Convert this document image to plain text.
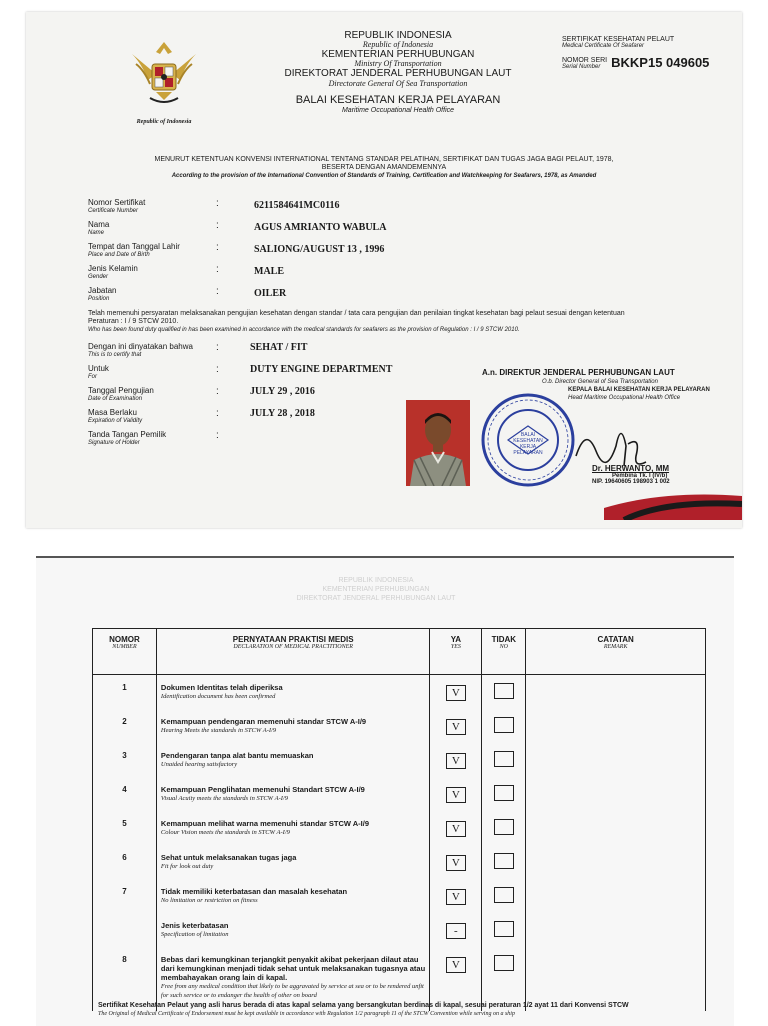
Republic of Indonesia
REPUBLIK INDONESIA
Republic of Indonesia
KEMENTERIAN PERHUBUNGAN
Ministry Of Transportation
DIREKTORAT JENDERAL PERHUBUNGAN LAUT
Directorate General Of Sea Transportation
BALAI KESEHATAN KERJA PELAYARAN
Maritime Occupational Health Office
SERTIFIKAT KESEHATAN PELAUT
Medical Certificate Of Seafarer
NOMOR SERI
Serial Number BKKP15 049605
MENURUT KETENTUAN KONVENSI INTERNATIONAL TENTANG STANDAR PELATIHAN, SERTIFIKAT DAN TUGAS JAGA BAGI PELAUT, 1978,
BESERTA DENGAN AMANDEMENNYA
According to the provision of the International Convention of Standards of Training, Certification and Watchkeeping for Seafarers, 1978, as Amanded
Nomor Sertifikat
Certificate Number
:	6211584641MC0116
Nama
Name
:	AGUS AMRIANTO WABULA
Tempat dan Tanggal Lahir
Place and Date of Birth
:	SALIONG/AUGUST 13 , 1996
Jenis Kelamin
Gender
:	MALE
Jabatan
Position
:	OILER
Telah memenuhi persyaratan melaksanakan pengujian kesehatan dengan standar / tata cara pengujian dan penilaian tingkat kesehatan bagi pelaut sesuai dengan ketentuan
Peraturan : I / 9 STCW 2010.
Who has been found duty qualified in has been examined in accordance with the medical standards for seafarers as the provision of Regulation : I / 9 STCW 2010.
Dengan ini dinyatakan bahwa
This is to certify that
:	SEHAT / FIT
Untuk
For
:	DUTY ENGINE DEPARTMENT
Tanggal Pengujian
Date of Examination
:	JULY 29 , 2016
Masa Berlaku
Expiration of Validity
:	JULY 28 , 2018
Tanda Tangan Pemilik
Signature of Holder
:
A.n. DIREKTUR JENDERAL PERHUBUNGAN LAUT
O.b. Director General of Sea Transportation
KEPALA BALAI KESEHATAN KERJA PELAYARAN
Head Maritime Occupational Health Office
BALAI KESEHATAN KERJA PELAYARAN
Dr. HERWANTO, MM
Pembina Tk. I (IV/b)
NIP. 19640605 198903 1 002
REPUBLIK INDONESIA
KEMENTERIAN PERHUBUNGAN
DIREKTORAT JENDERAL PERHUBUNGAN LAUT
NOMOR
NUMBER	PERNYATAAN PRAKTISI MEDIS
DECLARATION OF MEDICAL PRACTITIONER	YA
YES	TIDAK
NO	CATATAN
REMARK

1	Dokumen Identitas telah diperiksa
Identification document has been confirmed	V		
2	Kemampuan pendengaran memenuhi standar STCW A-I/9
Hearing Meets the standards in STCW A-I/9	V		
3	Pendengaran tanpa alat bantu memuaskan
Unaided hearing satisfactory	V		
4	Kemampuan Penglihatan memenuhi Standart STCW A-I/9
Visual Acuity meets the standards in STCW A-I/9	V		
5	Kemampuan melihat warna memenuhi standar STCW A-I/9
Colour Vision meets the standards in STCW A-I/9	V		
6	Sehat untuk melaksanakan tugas jaga
Fit for look out duty	V		
7	Tidak memiliki keterbatasan dan masalah kesehatan
No limitation or restriction on fitness	V		
	Jenis keterbatasan
Specification of limitation	-		
8	Bebas dari kemungkinan terjangkit penyakit akibat pekerjaan dilaut atau dari kemungkinan menjadi tidak sehat untuk melaksanakan tugasnya atau membahayakan orang lain di kapal.
Free from any medical condition that likely to be aggravated by service at sea or to be rendered unfit for such service or to endanger the health of other on board	V		
Sertifikat Kesehatan Pelaut yang asli harus berada di atas kapal selama yang bersangkutan berdinas di kapal, sesuai peraturan 1/2 ayat 11 dari Konvensi STCW
The Original of Medical Certificate of Endorsement must be kept available in accordance with Regulation 1/2 paragraph 11 of the STCW Convention while serving on a ship
